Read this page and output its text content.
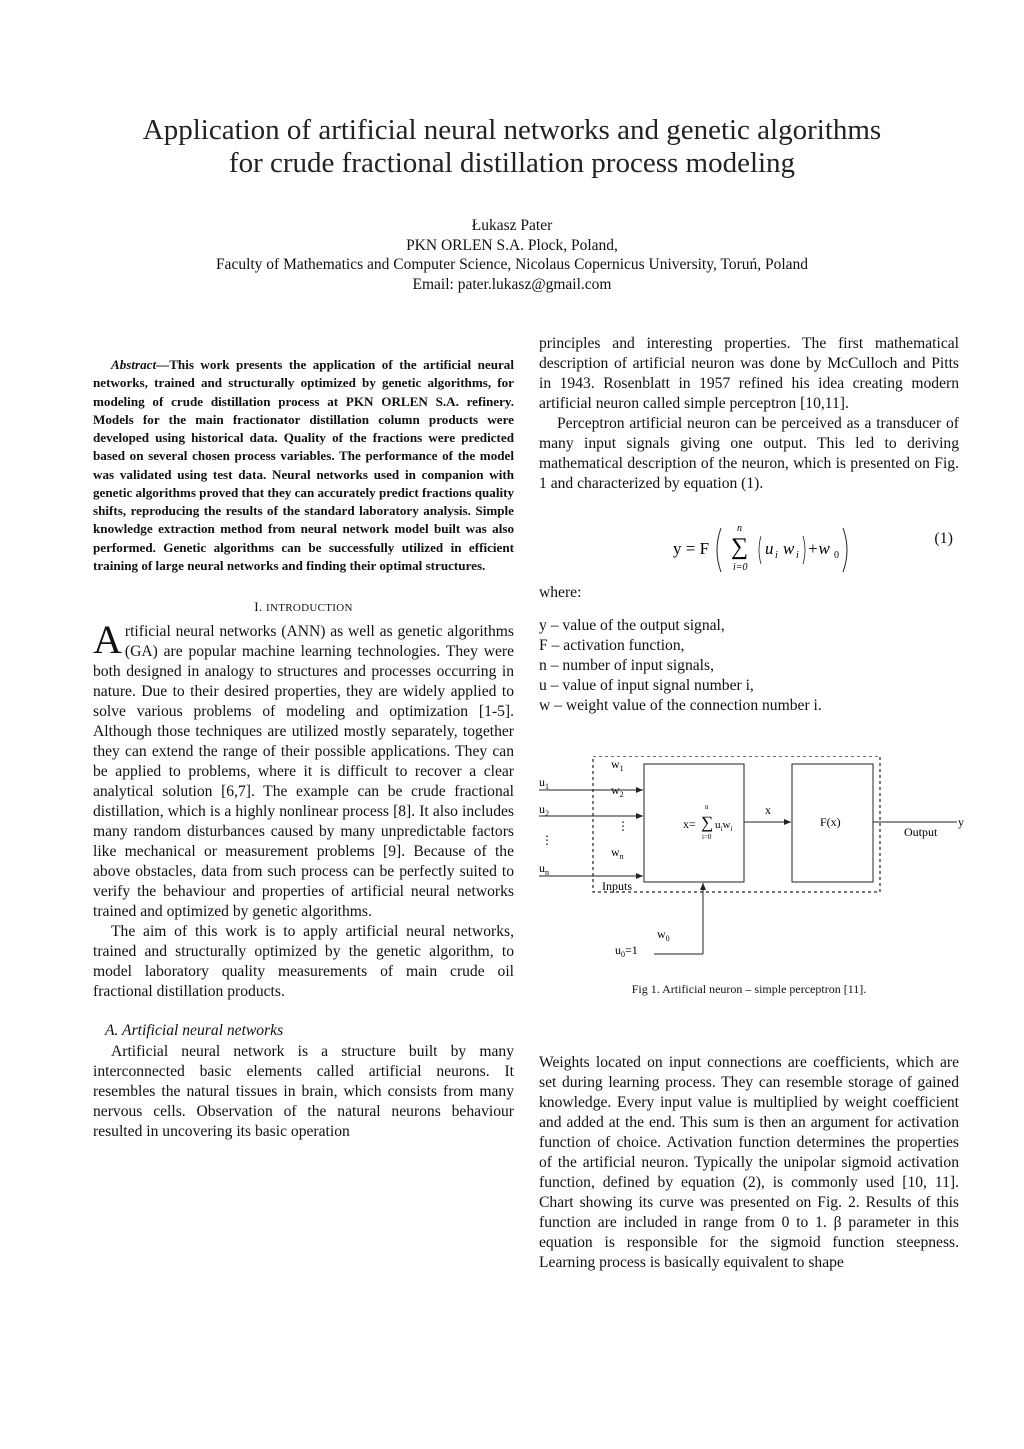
Application of artificial neural networks and genetic algorithms
for crude fractional distillation process modeling
Łukasz Pater
PKN ORLEN S.A. Plock, Poland,
Faculty of Mathematics and Computer Science, Nicolaus Copernicus University, Toruń, Poland
Email: pater.lukasz@gmail.com

Abstract—This work presents the application of the artificial neural networks, trained and structurally optimized by genetic algorithms, for modeling of crude distillation process at PKN ORLEN S.A. refinery. Models for the main fractionator distillation column products were developed using historical data. Quality of the fractions were predicted based on several chosen process variables. The performance of the model was validated using test data. Neural networks used in companion with genetic algorithms proved that they can accurately predict fractions quality shifts, reproducing the results of the standard laboratory analysis. Simple knowledge extraction method from neural network model built was also performed. Genetic algorithms can be successfully utilized in efficient training of large neural networks and finding their optimal structures.

I. INTRODUCTION

Artificial neural networks (ANN) as well as genetic algorithms (GA) are popular machine learning technologies. They were both designed in analogy to structures and processes occurring in nature. Due to their desired properties, they are widely applied to solve various problems of modeling and optimization [1-5]. Although those techniques are utilized mostly separately, together they can extend the range of their possible applications. They can be applied to problems, where it is difficult to recover a clear analytical solution [6,7]. The example can be crude fractional distillation, which is a highly nonlinear process [8]. It also includes many random disturbances caused by many unpredictable factors like mechanical or measurement problems [9]. Because of the above obstacles, data from such process can be perfectly suited to verify the behaviour and properties of artificial neural networks trained and optimized by genetic algorithms.

The aim of this work is to apply artificial neural networks, trained and structurally optimized by the genetic algorithm, to model laboratory quality measurements of main crude oil fractional distillation products.

A. Artificial neural networks

Artificial neural network is a structure built by many interconnected basic elements called artificial neurons. It resembles the natural tissues in brain, which consists from many nervous cells. Observation of the natural neurons behaviour resulted in uncovering its basic operation

principles and interesting properties. The first mathematical description of artificial neuron was done by McCulloch and Pitts in 1943. Rosenblatt in 1957 refined his idea creating modern artificial neuron called simple perceptron [10,11].

Perceptron artificial neuron can be perceived as a transducer of many input signals giving one output. This led to deriving mathematical description of the neuron, which is presented on Fig. 1 and characterized by equation (1).

y = F ∑
n
i=0
u i w i +w 0
(1)
where:
y – value of the output signal,
F – activation function,
n – number of input signals,
u – value of input signal number i,
w – weight value of the connection number i.
$u_1$
$u_2$
⋮
$u_n$
$w_1$
$w_2$
⋮
$w_n$
Inputs
x= ∑
n
i=0
$u_iw_i$
x
F(x)
Output
y
$u_0=1$
$w_0$
Fig 1. Artificial neuron – simple perceptron [11].

Weights located on input connections are coefficients, which are set during learning process. They can resemble storage of gained knowledge. Every input value is multiplied by weight coefficient and added at the end. This sum is then an argument for activation function of choice. Activation function determines the properties of the artificial neuron. Typically the unipolar sigmoid activation function, defined by equation (2), is commonly used [10, 11]. Chart showing its curve was presented on Fig. 2. Results of this function are included in range from 0 to 1. β parameter in this equation is responsible for the sigmoid function steepness. Learning process is basically equivalent to shape
